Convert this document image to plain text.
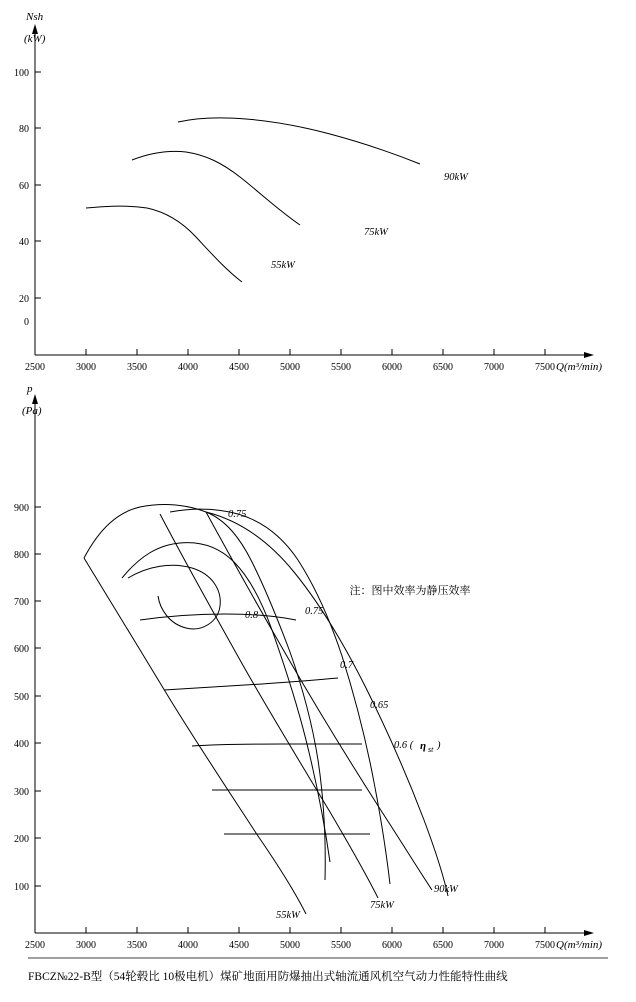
100
80
60
40
20
0
2500	3000	3500	4000	4500	5000	5500	6000	6500	7000	7500
Nsh
(kW)
Q(m³/min)
55kW
75kW
90kW
900
800
700
600
500
400
300
200
100
2500	3000	3500	4000	4500	5000	5500	6000	6500	7000	7500
p
(Pa)
Q(m³/min)
0.75
0.8	0.75
0.7
0.65
0.6 ( η st )
55kW
75kW
90kW
注：图中效率为静压效率
FBCZ№22-B型（54轮毂比 10极电机）煤矿地面用防爆抽出式轴流通风机空气动力性能特性曲线
